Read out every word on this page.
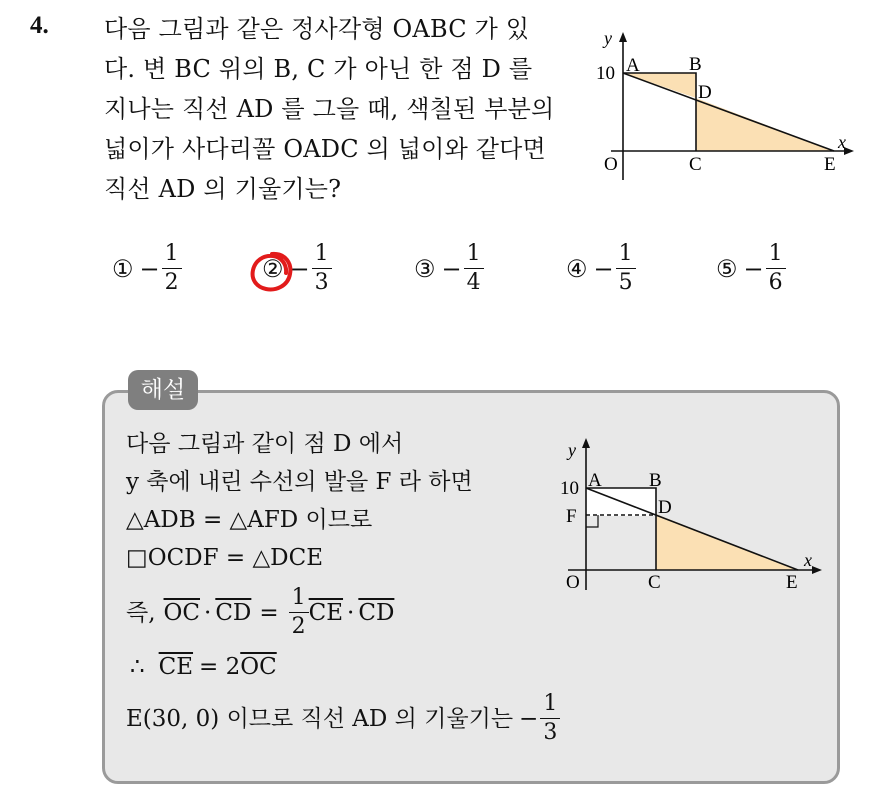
4. 다음 그림과 같은 정사각형 OABC 가 있
다. 변 BC 위의 B, C 가 아닌 한 점 D 를
지나는 직선 AD 를 그을 때, 색칠된 부분의
넓이가 사다리꼴 OADC 의 넓이와 같다면
직선 AD 의 기울기는?
y
x
10 A	B
D
O	C	E
① − $\frac{1}{2}$	② − $\frac{1}{3}$	③ − $\frac{1}{4}$	④ − $\frac{1}{5}$	⑤ − $\frac{1}{6}$
해설
다음 그림과 같이 점 D 에서
y 축에 내린 수선의 발을 F 라 하면
△ADB = △AFD 이므로
□OCDF = △DCE
즉, $\overline{OC} \cdot \overline{CD} = \frac{1}{2} \overline{CE} \cdot \overline{CD}$
∴ $\overline{CE} = 2$ $\overline{OC}$
E(30, 0) 이므로 직선 AD 의 기울기는 − $\frac{1}{3}$
y
x
10 A B
D
F
O	C	E
